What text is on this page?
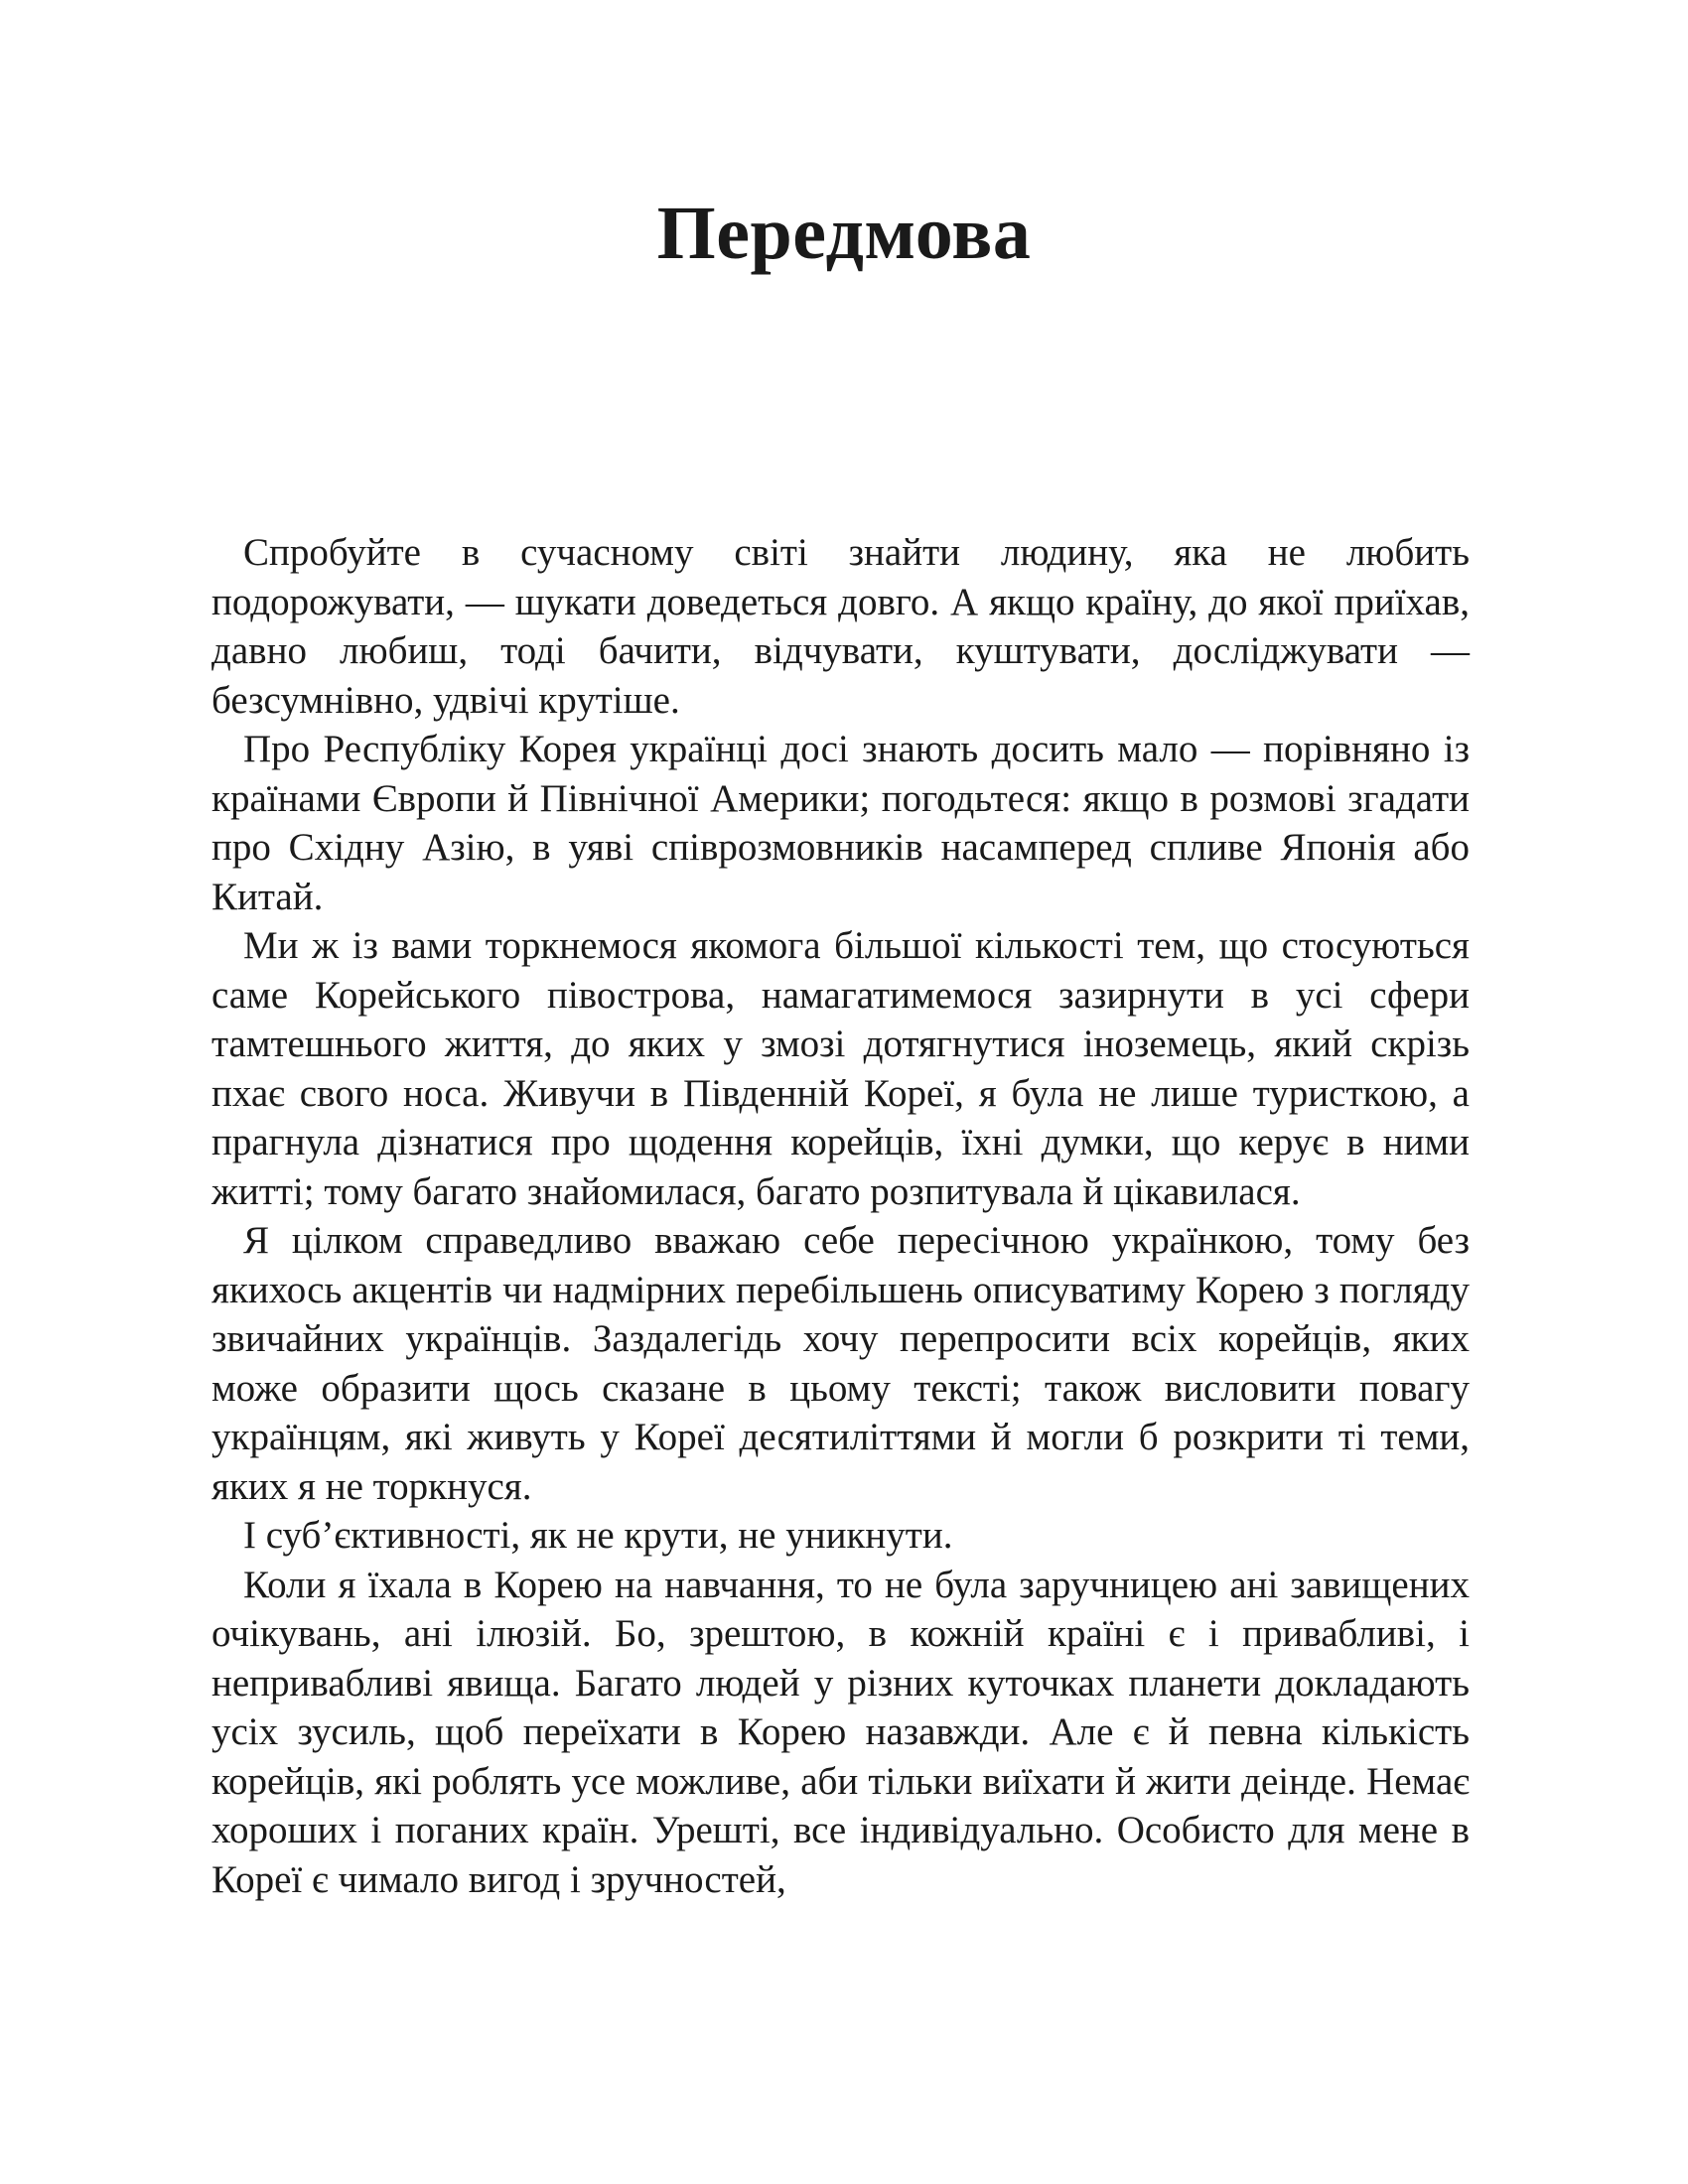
Передмова

Спробуйте в сучасному світі знайти людину, яка не любить подорожувати, — шукати доведеться довго. А якщо країну, до якої приїхав, давно любиш, тоді бачити, відчувати, куштувати, досліджувати — безсумнівно, удвічі крутіше.

Про Республіку Корея українці досі знають досить мало — порівняно із країнами Європи й Північної Америки; погодьтеся: якщо в розмові згадати про Східну Азію, в уяві співрозмовників насамперед спливе Японія або Китай.

Ми ж із вами торкнемося якомога більшої кількості тем, що стосуються саме Корейського півострова, намагатимемося зазирнути в усі сфери тамтешнього життя, до яких у змозі дотягнутися іноземець, який скрізь пхає свого носа. Живучи в Південній Кореї, я була не лише туристкою, а прагнула дізнатися про щодення корейців, їхні думки, що керує в ними житті; тому багато знайомилася, багато розпитувала й цікавилася.

Я цілком справедливо вважаю себе пересічною українкою, тому без якихось акцентів чи надмірних перебільшень описуватиму Корею з погляду звичайних українців. Заздалегідь хочу перепросити всіх корейців, яких може образити щось сказане в цьому тексті; також висловити повагу українцям, які живуть у Кореї десятиліттями й могли б розкрити ті теми, яких я не торкнуся.

І суб’єктивності, як не крути, не уникнути.

Коли я їхала в Корею на навчання, то не була заручницею ані завищених очікувань, ані ілюзій. Бо, зрештою, в кожній країні є і привабливі, і непривабливі явища. Багато людей у різних куточках планети докладають усіх зусиль, щоб переїхати в Корею назавжди. Але є й певна кількість корейців, які роблять усе можливе, аби тільки виїхати й жити деінде. Немає хороших і поганих країн. Урешті, все індивідуально. Особисто для мене в Кореї є чимало вигод і зручностей,
